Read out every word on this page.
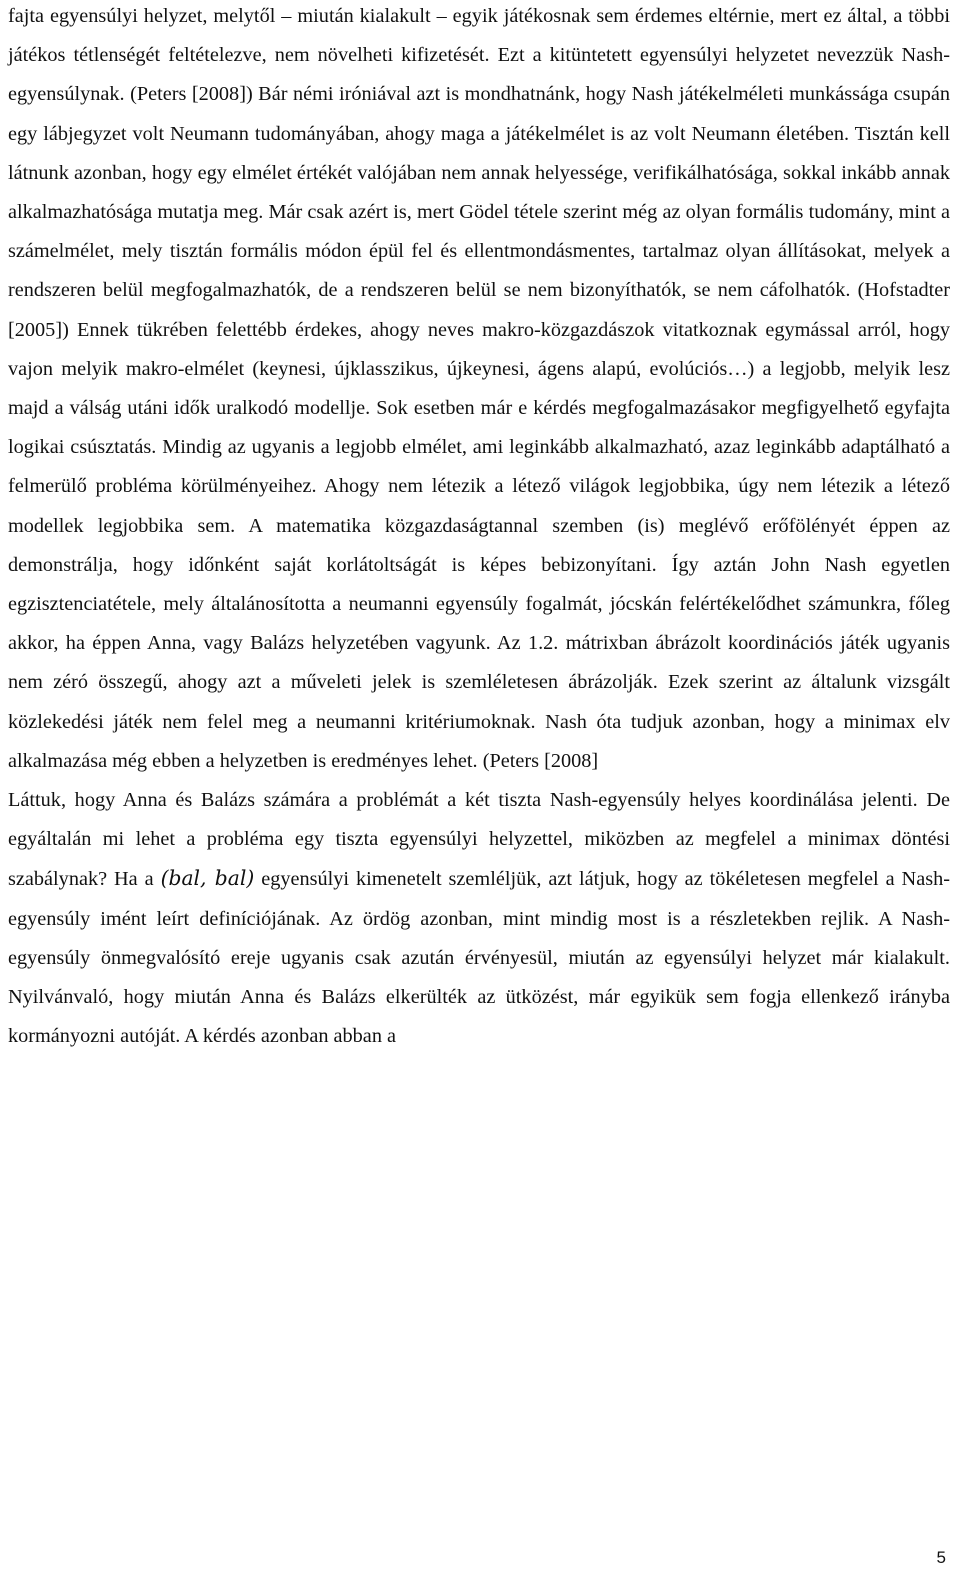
fajta egyensúlyi helyzet, melytől – miután kialakult – egyik játékosnak sem érdemes eltérnie, mert ez által, a többi játékos tétlenségét feltételezve, nem növelheti kifizetését. Ezt a kitüntetett egyensúlyi helyzetet nevezzük Nash-egyensúlynak. (Peters [2008]) Bár némi iróniával azt is mondhatnánk, hogy Nash játékelméleti munkássága csupán egy lábjegyzet volt Neumann tudományában, ahogy maga a játékelmélet is az volt Neumann életében. Tisztán kell látnunk azonban, hogy egy elmélet értékét valójában nem annak helyessége, verifikálhatósága, sokkal inkább annak alkalmazhatósága mutatja meg. Már csak azért is, mert Gödel tétele szerint még az olyan formális tudomány, mint a számelmélet, mely tisztán formális módon épül fel és ellentmondásmentes, tartalmaz olyan állításokat, melyek a rendszeren belül megfogalmazhatók, de a rendszeren belül se nem bizonyíthatók, se nem cáfolhatók. (Hofstadter [2005]) Ennek tükrében felettébb érdekes, ahogy neves makro-közgazdászok vitatkoznak egymással arról, hogy vajon melyik makro-elmélet (keynesi, újklasszikus, újkeynesi, ágens alapú, evolúciós…) a legjobb, melyik lesz majd a válság utáni idők uralkodó modellje. Sok esetben már e kérdés megfogalmazásakor megfigyelhető egyfajta logikai csúsztatás. Mindig az ugyanis a legjobb elmélet, ami leginkább alkalmazható, azaz leginkább adaptálható a felmerülő probléma körülményeihez. Ahogy nem létezik a létező világok legjobbika, úgy nem létezik a létező modellek legjobbika sem. A matematika közgazdaságtannal szemben (is) meglévő erőfölényét éppen az demonstrálja, hogy időnként saját korlátoltságát is képes bebizonyítani. Így aztán John Nash egyetlen egzisztenciatétele, mely általánosította a neumanni egyensúly fogalmát, jócskán felértékelődhet számunkra, főleg akkor, ha éppen Anna, vagy Balázs helyzetében vagyunk. Az 1.2. mátrixban ábrázolt koordinációs játék ugyanis nem zéró összegű, ahogy azt a műveleti jelek is szemléletesen ábrázolják. Ezek szerint az általunk vizsgált közlekedési játék nem felel meg a neumanni kritériumoknak. Nash óta tudjuk azonban, hogy a minimax elv alkalmazása még ebben a helyzetben is eredményes lehet. (Peters [2008]

Láttuk, hogy Anna és Balázs számára a problémát a két tiszta Nash-egyensúly helyes koordinálása jelenti. De egyáltalán mi lehet a probléma egy tiszta egyensúlyi helyzettel, miközben az megfelel a minimax döntési szabálynak? Ha a (bal, bal) egyensúlyi kimenetelt szemléljük, azt látjuk, hogy az tökéletesen megfelel a Nash-egyensúly imént leírt definíciójának. Az ördög azonban, mint mindig most is a részletekben rejlik. A Nash-egyensúly önmegvalósító ereje ugyanis csak azután érvényesül, miután az egyensúlyi helyzet már kialakult. Nyilvánvaló, hogy miután Anna és Balázs elkerülték az ütközést, már egyikük sem fogja ellenkező irányba kormányozni autóját. A kérdés azonban abban a

5
